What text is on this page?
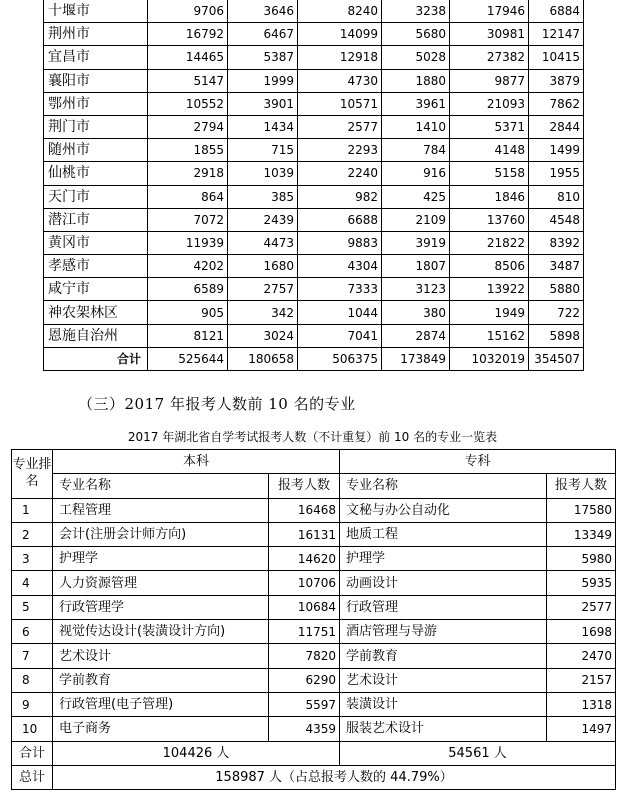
十堰市	9706	3646	8240	3238	17946	6884
荆州市	16792	6467	14099	5680	30981	12147
宜昌市	14465	5387	12918	5028	27382	10415
襄阳市	5147	1999	4730	1880	9877	3879
鄂州市	10552	3901	10571	3961	21093	7862
荆门市	2794	1434	2577	1410	5371	2844
随州市	1855	715	2293	784	4148	1499
仙桃市	2918	1039	2240	916	5158	1955
天门市	864	385	982	425	1846	810
潜江市	7072	2439	6688	2109	13760	4548
黄冈市	11939	4473	9883	3919	21822	8392
孝感市	4202	1680	4304	1807	8506	3487
咸宁市	6589	2757	7333	3123	13922	5880
神农架林区	905	342	1044	380	1949	722
恩施自治州	8121	3024	7041	2874	15162	5898
合计	525644	180658	506375	173849	1032019	354507
（三）2017 年报考人数前 10 名的专业
2017 年湖北省自学考试报考人数（不计重复）前 10 名的专业一览表
专业排名	本科		专科	
	专业名称	报考人数	专业名称	报考人数
1	工程管理	16468	文秘与办公自动化	17580
2	会计(注册会计师方向)	16131	地质工程	13349
3	护理学	14620	护理学	5980
4	人力资源管理	10706	动画设计	5935
5	行政管理学	10684	行政管理	2577
6	视觉传达设计(装潢设计方向)	11751	酒店管理与导游	1698
7	艺术设计	7820	学前教育	2470
8	学前教育	6290	艺术设计	2157
9	行政管理(电子管理)	5597	装潢设计	1318
10	电子商务	4359	服装艺术设计	1497
合计	104426 人		54561 人	
总计	158987 人（占总报考人数的 44.79%）			
